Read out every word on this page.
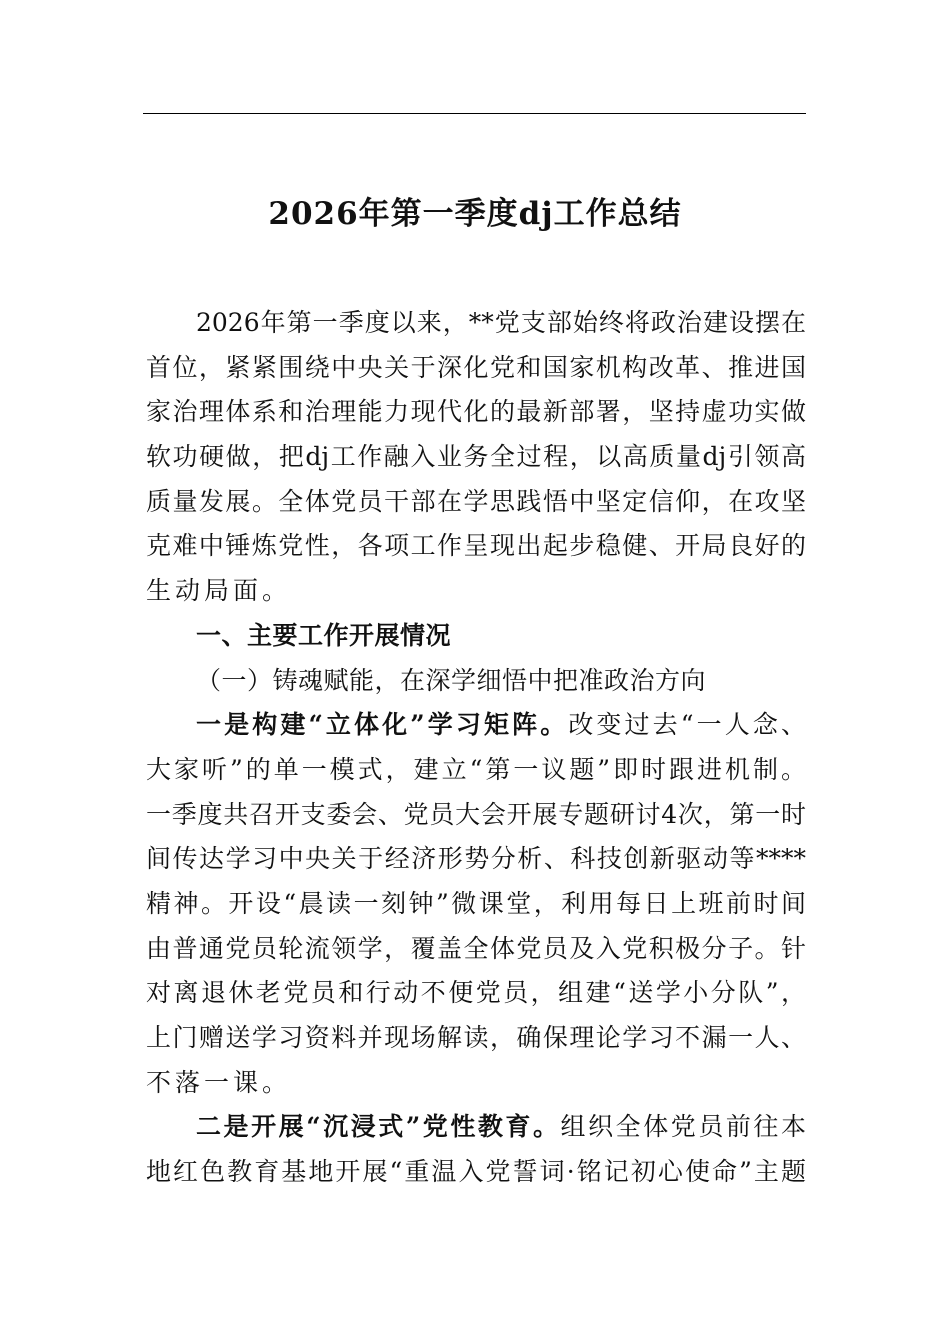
2026年第一季度dj工作总结
2026年第一季度以来，**党支部始终将政治建设摆在
首位，紧紧围绕中央关于深化党和国家机构改革、推进国
家治理体系和治理能力现代化的最新部署，坚持虚功实做
软功硬做，把dj工作融入业务全过程，以高质量dj引领高
质量发展。全体党员干部在学思践悟中坚定信仰，在攻坚
克难中锤炼党性，各项工作呈现出起步稳健、开局良好的
生动局面。
一、主要工作开展情况
（一）铸魂赋能，在深学细悟中把准政治方向
一是构建“立体化”学习矩阵。改变过去“一人念、
大家听”的单一模式，建立“第一议题”即时跟进机制。
一季度共召开支委会、党员大会开展专题研讨4次，第一时
间传达学习中央关于经济形势分析、科技创新驱动等****
精神。开设“晨读一刻钟”微课堂，利用每日上班前时间
由普通党员轮流领学，覆盖全体党员及入党积极分子。针
对离退休老党员和行动不便党员，组建“送学小分队”，
上门赠送学习资料并现场解读，确保理论学习不漏一人、
不落一课。
二是开展“沉浸式”党性教育。组织全体党员前往本
地红色教育基地开展“重温入党誓词·铭记初心使命”主题
